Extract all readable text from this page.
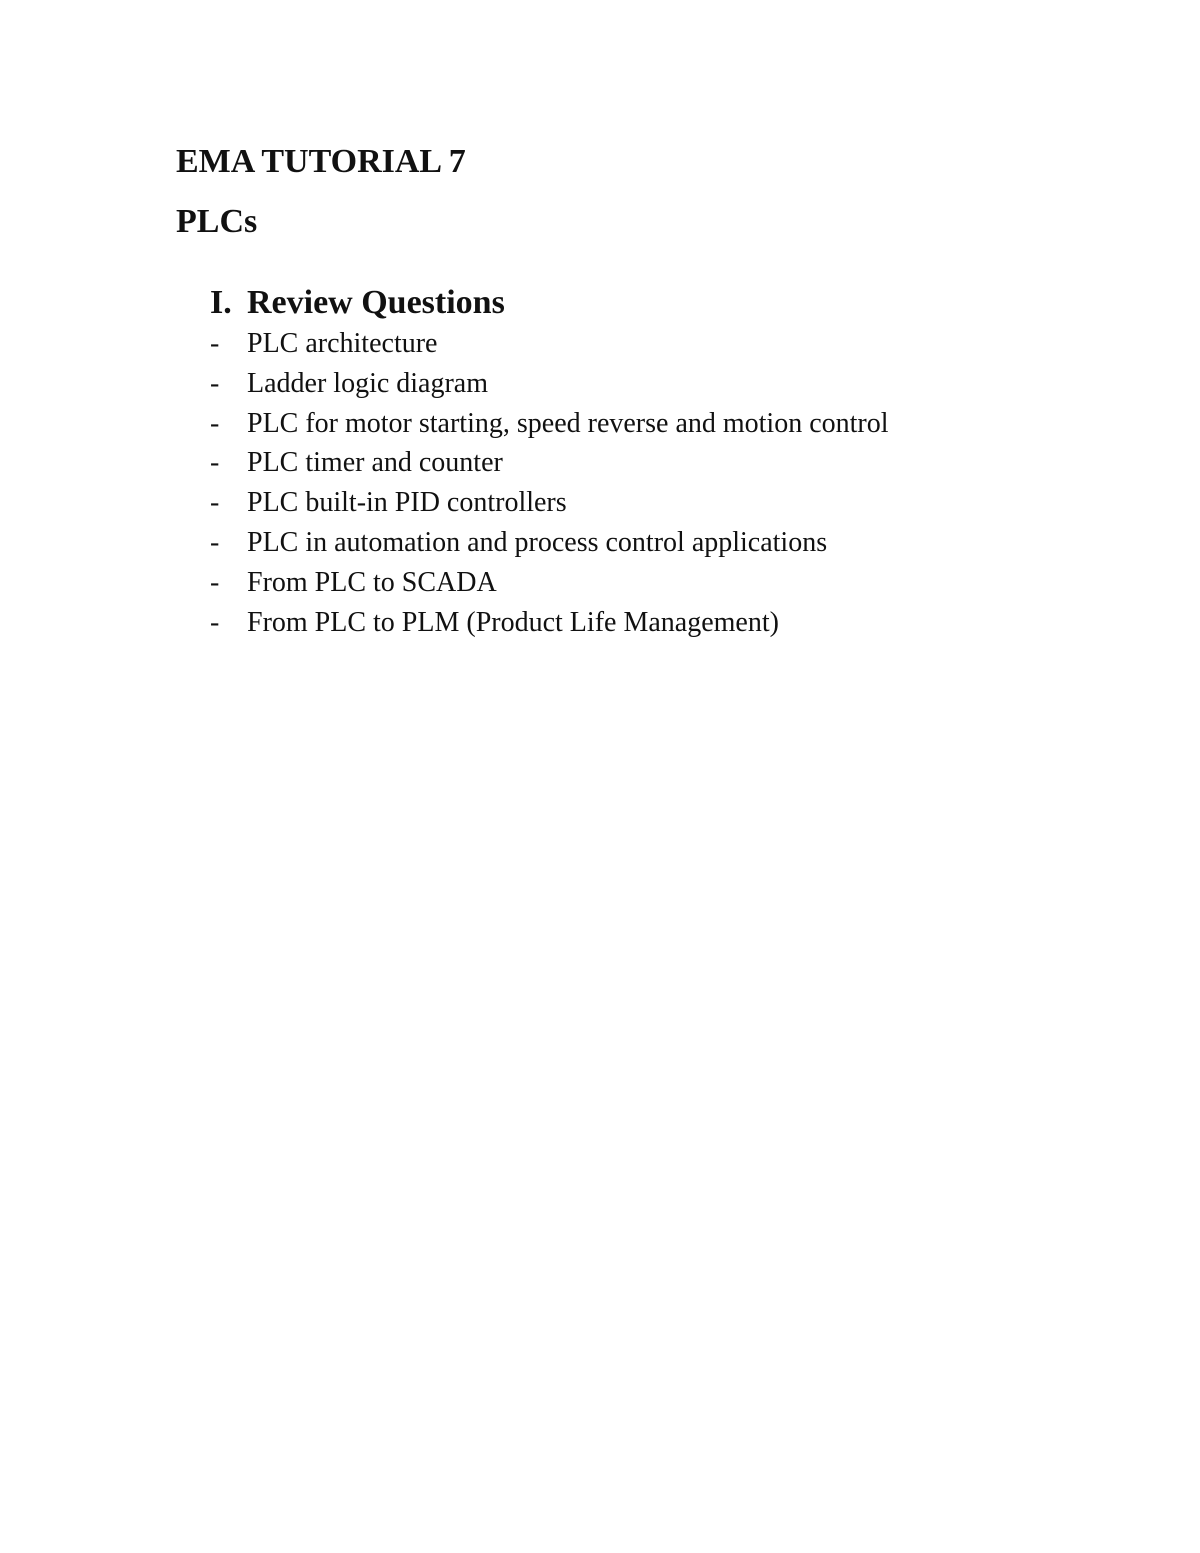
EMA TUTORIAL 7
PLCs
I. Review Questions
- PLC architecture
- Ladder logic diagram
- PLC for motor starting, speed reverse and motion control
- PLC timer and counter
- PLC built-in PID controllers
- PLC in automation and process control applications
- From PLC to SCADA
- From PLC to PLM (Product Life Management)
